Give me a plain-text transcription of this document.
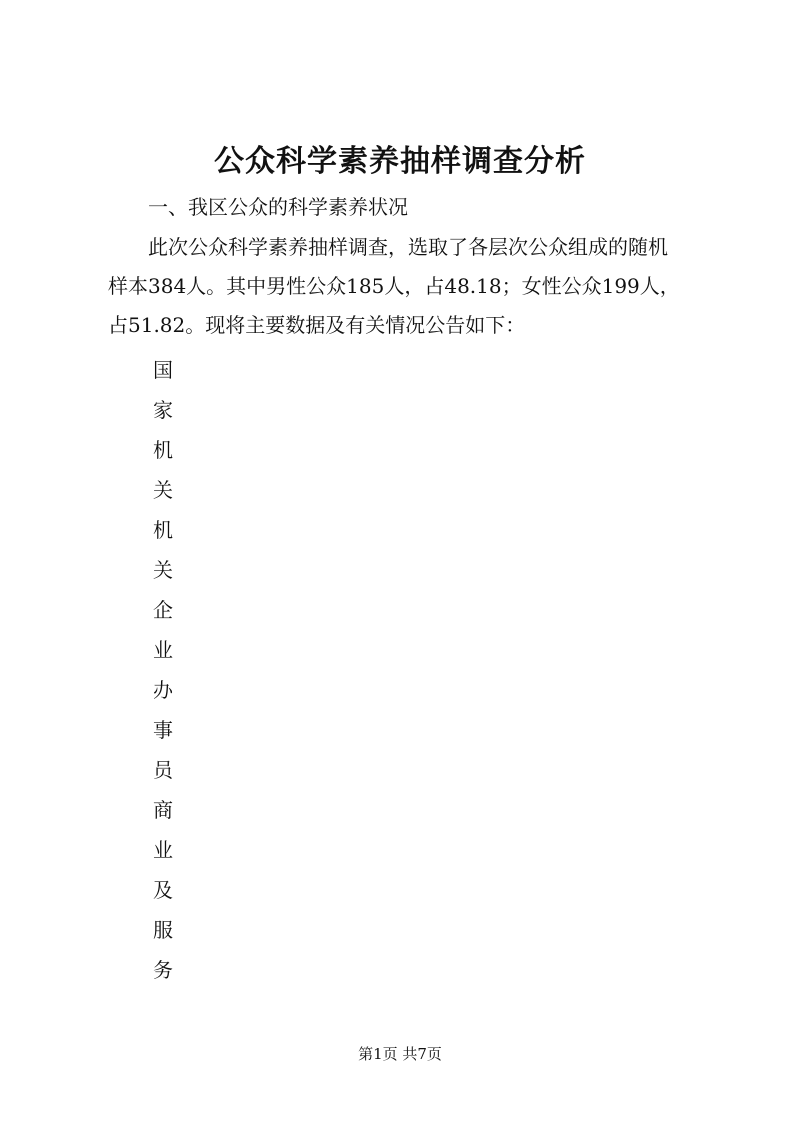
公众科学素养抽样调查分析
一、我区公众的科学素养状况
此次公众科学素养抽样调查，选取了各层次公众组成的随机
样本384人。其中男性公众185人，占48.18；女性公众199人，
占51.82。现将主要数据及有关情况公告如下：
国
家
机
关
机
关
企
业
办
事
员
商
业
及
服
务
第1页 共7页
